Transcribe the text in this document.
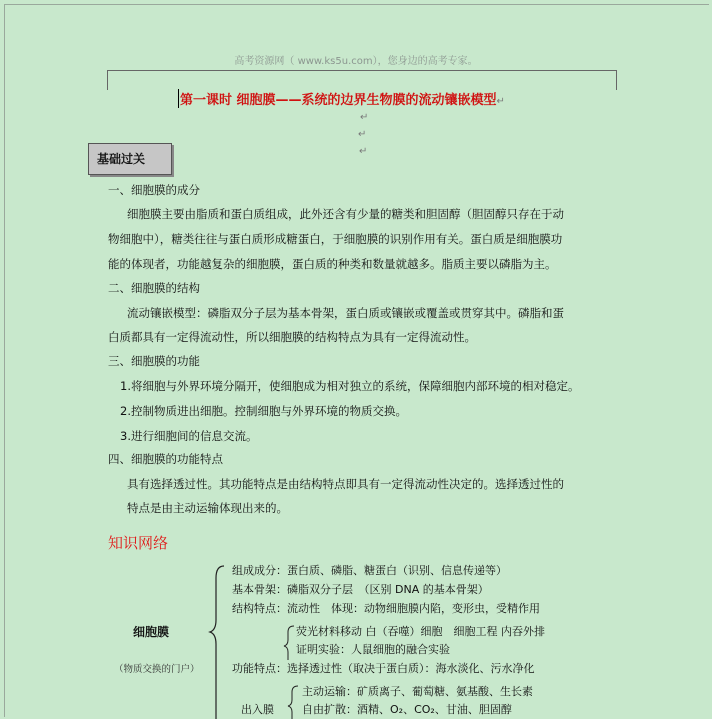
高考资源网（ www.ks5u.com），您身边的高考专家。
第一课时 细胞膜——系统的边界生物膜的流动镶嵌模型↵
↵
↵
↵
基础过关
一、细胞膜的成分
细胞膜主要由脂质和蛋白质组成，此外还含有少量的糖类和胆固醇（胆固醇只存在于动
物细胞中），糖类往往与蛋白质形成糖蛋白，于细胞膜的识别作用有关。蛋白质是细胞膜功
能的体现者，功能越复杂的细胞膜，蛋白质的种类和数量就越多。脂质主要以磷脂为主。
二、细胞膜的结构
流动镶嵌模型：磷脂双分子层为基本骨架，蛋白质或镶嵌或覆盖或贯穿其中。磷脂和蛋
白质都具有一定得流动性，所以细胞膜的结构特点为具有一定得流动性。
三、细胞膜的功能
1.将细胞与外界环境分隔开，使细胞成为相对独立的系统，保障细胞内部环境的相对稳定。
2.控制物质进出细胞。控制细胞与外界环境的物质交换。
3.进行细胞间的信息交流。
四、细胞膜的功能特点
具有选择透过性。其功能特点是由结构特点即具有一定得流动性决定的。选择透过性的
特点是由主动运输体现出来的。
知识网络
组成成分：蛋白质、磷脂、糖蛋白（识别、信息传递等）
基本骨架：磷脂双分子层　（区别 DNA 的基本骨架）
结构特点：流动性　体现：动物细胞膜内陷，变形虫，受精作用
细胞膜	荧光材料移动 白（吞噬）细胞　细胞工程 内吞外排
证明实验：人鼠细胞的融合实验
（物质交换的门户）	功能特点：选择透过性（取决于蛋白质）：海水淡化、污水净化
主动运输：矿质离子、葡萄糖、氨基酸、生长素
出入膜	自由扩散：酒精、O₂、CO₂、甘油、胆固醇
